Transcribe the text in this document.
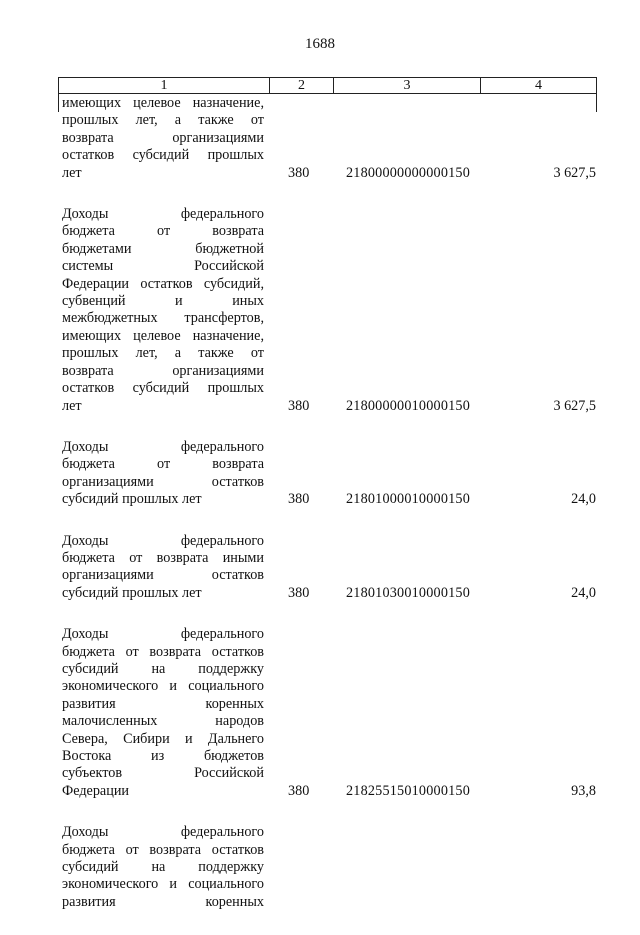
1688
1	2	3	4
имеющих целевое назначение,
прошлых лет, а также от
возврата организациями
остатков субсидий прошлых
лет	380	21800000000000150	3 627,5
Доходы федерального
бюджета от возврата
бюджетами бюджетной
системы Российской
Федерации остатков субсидий,
субвенций и иных
межбюджетных трансфертов,
имеющих целевое назначение,
прошлых лет, а также от
возврата организациями
остатков субсидий прошлых
лет	380	21800000010000150	3 627,5
Доходы федерального
бюджета от возврата
организациями остатков
субсидий прошлых лет	380	21801000010000150	24,0
Доходы федерального
бюджета от возврата иными
организациями остатков
субсидий прошлых лет	380	21801030010000150	24,0
Доходы федерального
бюджета от возврата остатков
субсидий на поддержку
экономического и социального
развития коренных
малочисленных народов
Севера, Сибири и Дальнего
Востока из бюджетов
субъектов Российской
Федерации	380	21825515010000150	93,8
Доходы федерального
бюджета от возврата остатков
субсидий на поддержку
экономического и социального
развития коренных
